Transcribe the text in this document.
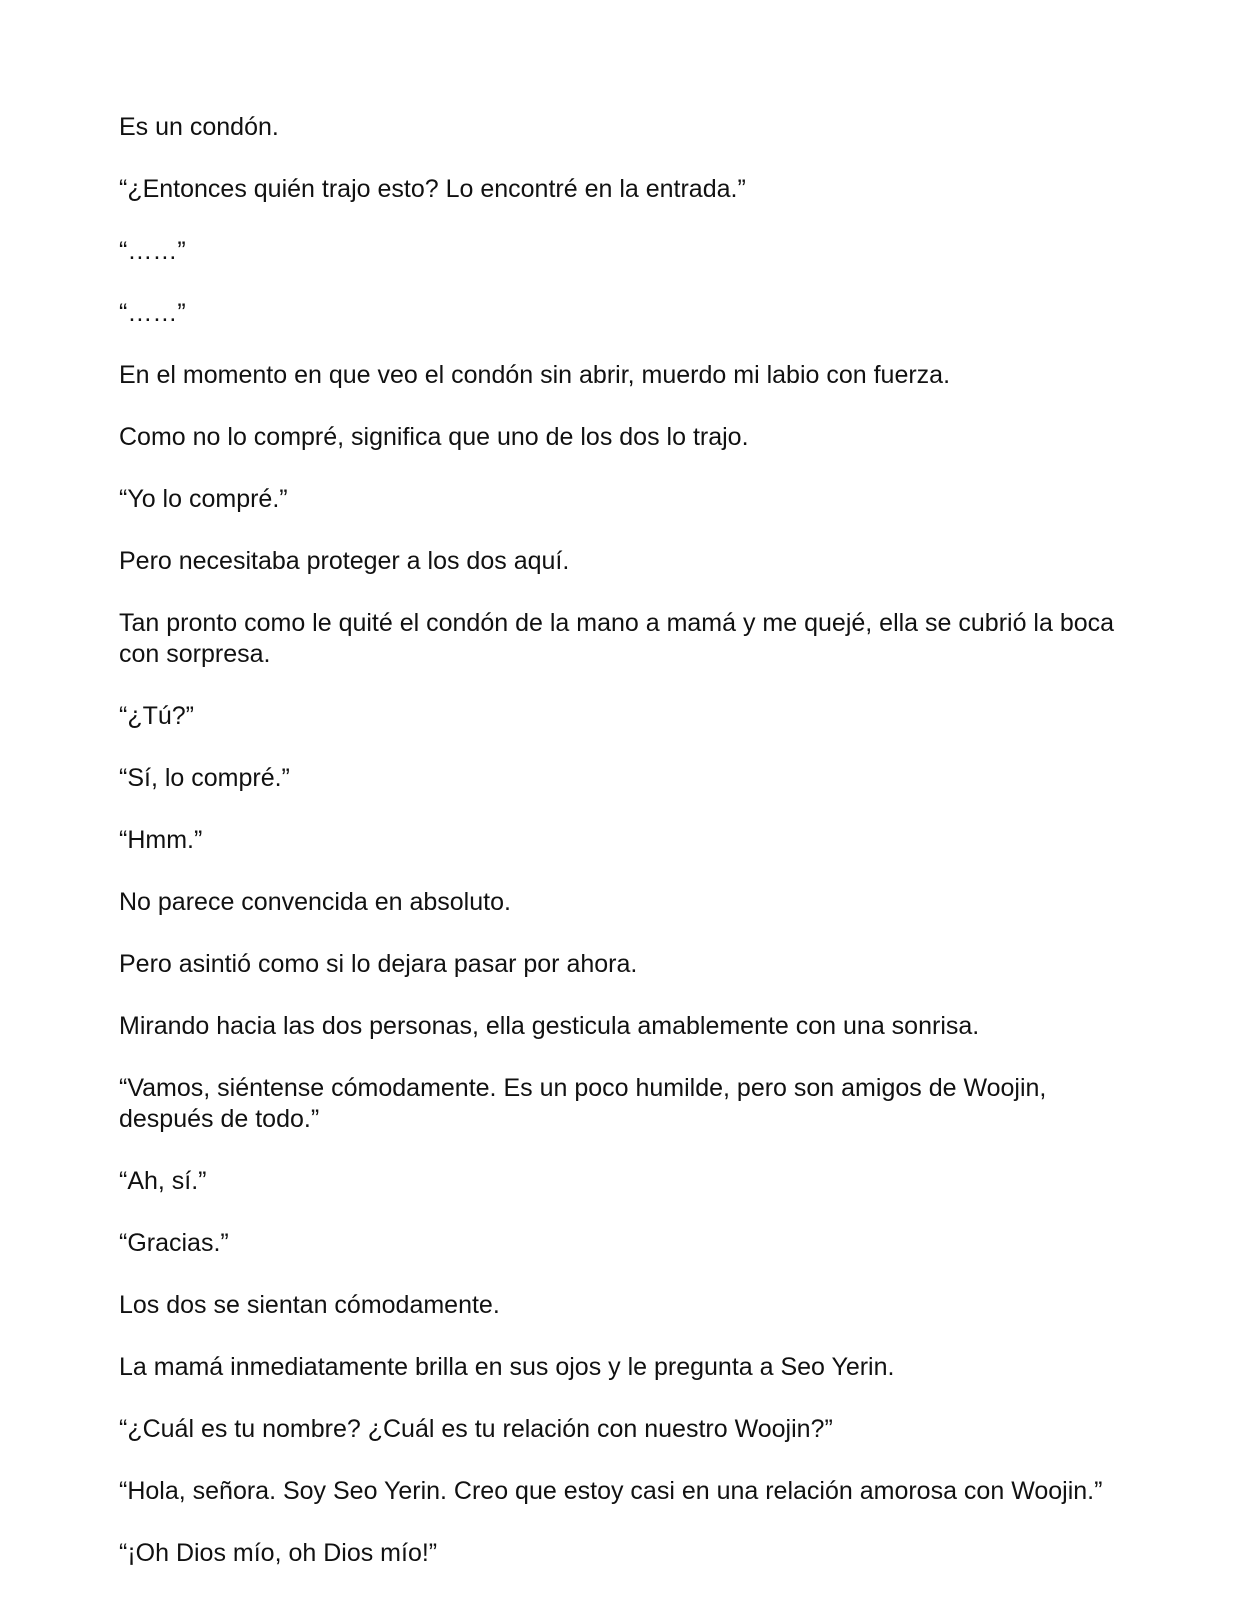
Es un condón.

“¿Entonces quién trajo esto? Lo encontré en la entrada.”

“……”

“……”

En el momento en que veo el condón sin abrir, muerdo mi labio con fuerza.

Como no lo compré, significa que uno de los dos lo trajo.

“Yo lo compré.”

Pero necesitaba proteger a los dos aquí.

Tan pronto como le quité el condón de la mano a mamá y me quejé, ella se cubrió la boca con sorpresa.

“¿Tú?”

“Sí, lo compré.”

“Hmm.”

No parece convencida en absoluto.

Pero asintió como si lo dejara pasar por ahora.

Mirando hacia las dos personas, ella gesticula amablemente con una sonrisa.

“Vamos, siéntense cómodamente. Es un poco humilde, pero son amigos de Woojin, después de todo.”

“Ah, sí.”

“Gracias.”

Los dos se sientan cómodamente.

La mamá inmediatamente brilla en sus ojos y le pregunta a Seo Yerin.

“¿Cuál es tu nombre? ¿Cuál es tu relación con nuestro Woojin?”

“Hola, señora. Soy Seo Yerin. Creo que estoy casi en una relación amorosa con Woojin.”

“¡Oh Dios mío, oh Dios mío!”
